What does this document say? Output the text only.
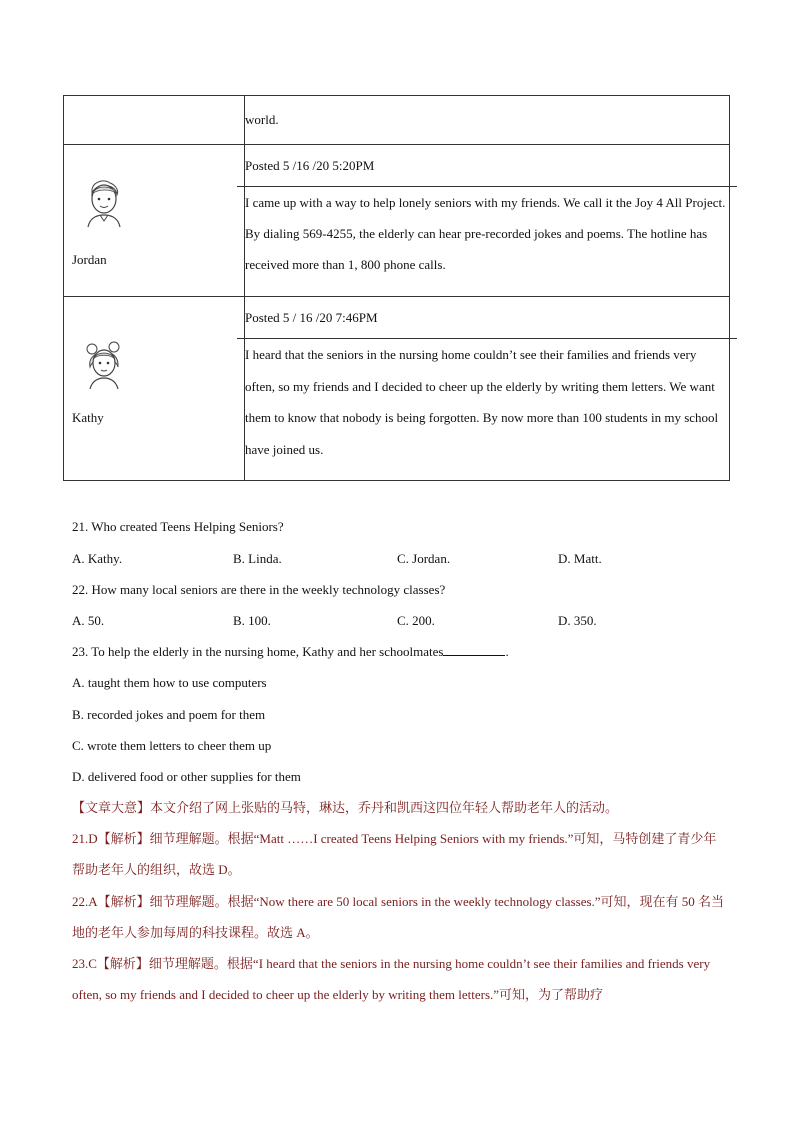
	world.

Jordan	Posted 5 /16 /20 5:20PM
I came up with a way to help lonely seniors with my friends. We call it the Joy 4 All Project. By dialing 569-4255, the elderly can hear pre-recorded jokes and poems. The hotline has received more than 1, 800 phone calls.

Kathy	Posted 5 / 16 /20 7:46PM
I heard that the seniors in the nursing home couldn’t see their families and friends very often, so my friends and I decided to cheer up the elderly by writing them letters. We want them to know that nobody is being forgotten. By now more than 100 students in my school have joined us.
21. Who created Teens Helping Seniors?
A. Kathy.	B. Linda.	C. Jordan.	D. Matt.
22. How many local seniors are there in the weekly technology classes?
A. 50.	B. 100.	C. 200.	D. 350.
23. To help the elderly in the nursing home, Kathy and her schoolmates	.
A. taught them how to use computers
B. recorded jokes and poem for them
C. wrote them letters to cheer them up
D. delivered food or other supplies for them
【文章大意】本文介绍了网上张贴的马特，琳达，乔丹和凯西这四位年轻人帮助老年人的活动。
21.D【解析】细节理解题。根据“Matt ……I created Teens Helping Seniors with my friends.”可知，马特创建了青少年帮助老年人的组织，故选 D。
22.A【解析】细节理解题。根据“Now there are 50 local seniors in the weekly technology classes.”可知，现在有 50 名当地的老年人参加每周的科技课程。故选 A。
23.C【解析】细节理解题。根据“I heard that the seniors in the nursing home couldn’t see their families and friends very often, so my friends and I decided to cheer up the elderly by writing them letters.”可知，为了帮助疗
